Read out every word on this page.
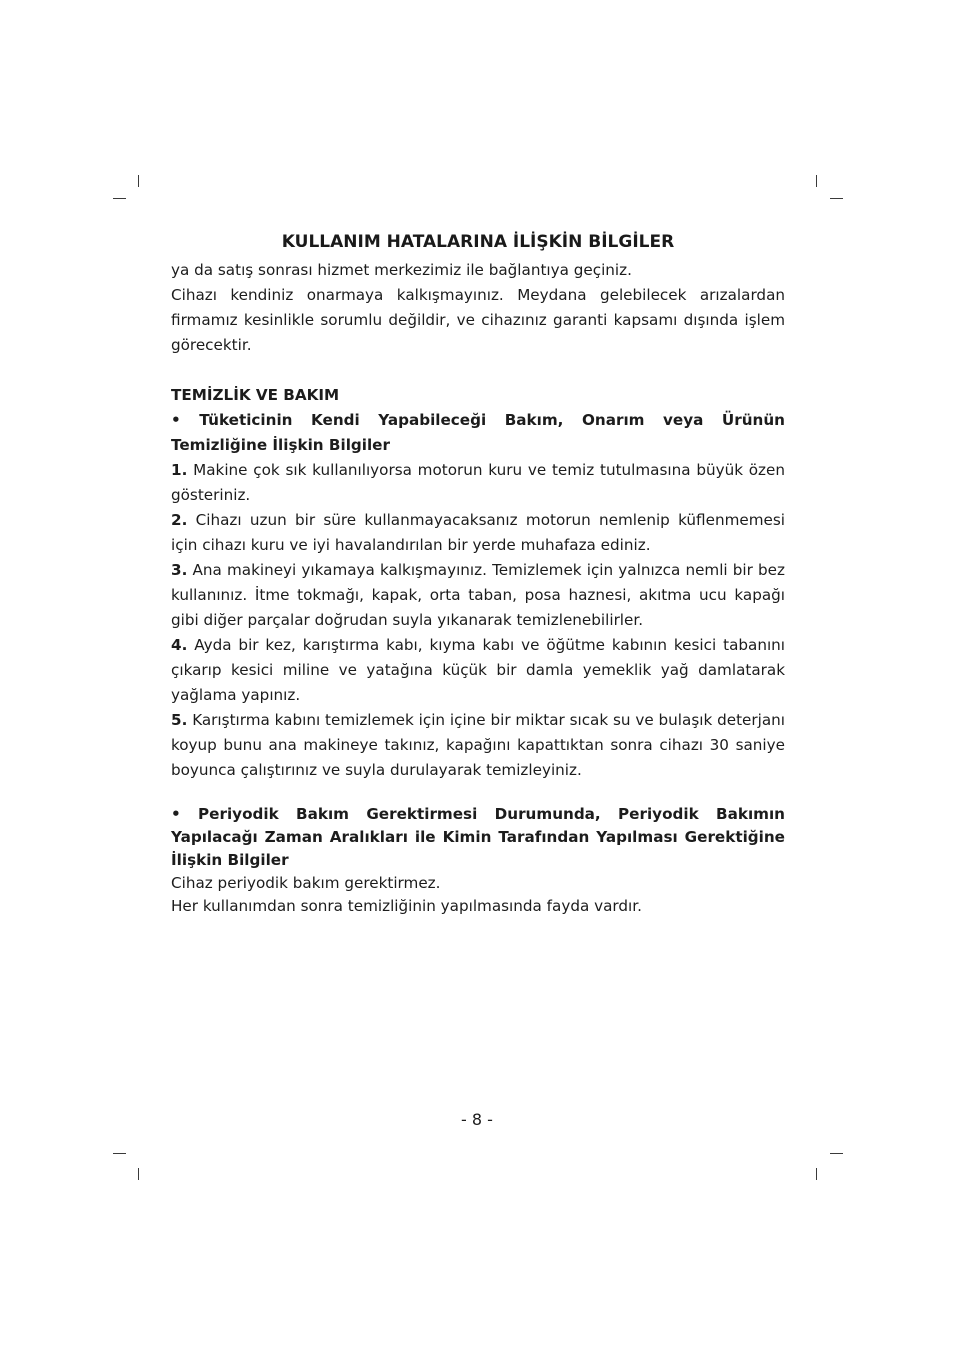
KULLANIM HATALARINA İLİŞKİN BİLGİLER

ya da satış sonrası hizmet merkezimiz ile bağlantıya geçiniz.

Cihazı kendiniz onarmaya kalkışmayınız. Meydana gelebilecek arızalardan firmamız kesinlikle sorumlu değildir, ve cihazınız garanti kapsamı dışında işlem görecektir.

TEMİZLİK VE BAKIM
• Tüketicinin Kendi Yapabileceği Bakım, Onarım veya Ürünün Temizliğine İlişkin Bilgiler

1. Makine çok sık kullanılıyorsa motorun kuru ve temiz tutulmasına büyük özen gösteriniz.

2. Cihazı uzun bir süre kullanmayacaksanız motorun nemlenip küflenmemesi için cihazı kuru ve iyi havalandırılan bir yerde muhafaza ediniz.

3. Ana makineyi yıkamaya kalkışmayınız. Temizlemek için yalnızca nemli bir bez kullanınız. İtme tokmağı, kapak, orta taban, posa haznesi, akıtma ucu kapağı gibi diğer parçalar doğrudan suyla yıkanarak temizlenebilirler.

4. Ayda bir kez, karıştırma kabı, kıyma kabı ve öğütme kabının kesici tabanını çıkarıp kesici miline ve yatağına küçük bir damla yemeklik yağ damlatarak yağlama yapınız.

5. Karıştırma kabını temizlemek için içine bir miktar sıcak su ve bulaşık deterjanı koyup bunu ana makineye takınız, kapağını kapattıktan sonra cihazı 30 saniye boyunca çalıştırınız ve suyla durulayarak temizleyiniz.

• Periyodik Bakım Gerektirmesi Durumunda, Periyodik Bakımın Yapılacağı Zaman Aralıkları ile Kimin Tarafından Yapılması Gerektiğine İlişkin Bilgiler

Cihaz periyodik bakım gerektirmez.

Her kullanımdan sonra temizliğinin yapılmasında fayda vardır.

- 8 -
